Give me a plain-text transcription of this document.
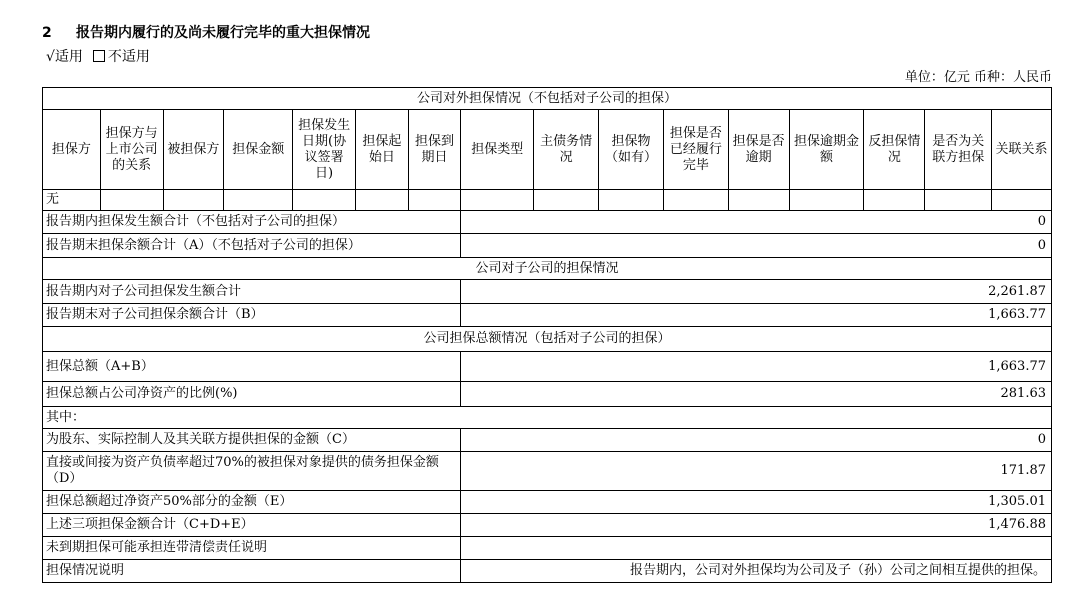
2 报告期内履行的及尚未履行完毕的重大担保情况
√适用 不适用
单位：亿元 币种：人民币
公司对外担保情况（不包括对子公司的担保）															
担保方	担保方与上市公司的关系	被担保方	担保金额	担保发生日期(协议签署日)	担保起始日	担保到期日	担保类型	主债务情况	担保物（如有）	担保是否已经履行完毕	担保是否逾期	担保逾期金额	反担保情况	是否为关联方担保	关联关系
无															
报告期内担保发生额合计（不包括对子公司的担保）							0								
报告期末担保余额合计（A）（不包括对子公司的担保）							0								
公司对子公司的担保情况															
报告期内对子公司担保发生额合计							2,261.87								
报告期末对子公司担保余额合计（B）							1,663.77								
公司担保总额情况（包括对子公司的担保）															
担保总额（A+B）							1,663.77								
担保总额占公司净资产的比例(%)							281.63								
其中：															
为股东、实际控制人及其关联方提供担保的金额（C）							0								
直接或间接为资产负债率超过70%的被担保对象提供的债务担保金额（D）							171.87								
担保总额超过净资产50%部分的金额（E）							1,305.01								
上述三项担保金额合计（C+D+E）							1,476.88								
未到期担保可能承担连带清偿责任说明															
担保情况说明							报告期内，公司对外担保均为公司及子（孙）公司之间相互提供的担保。								
